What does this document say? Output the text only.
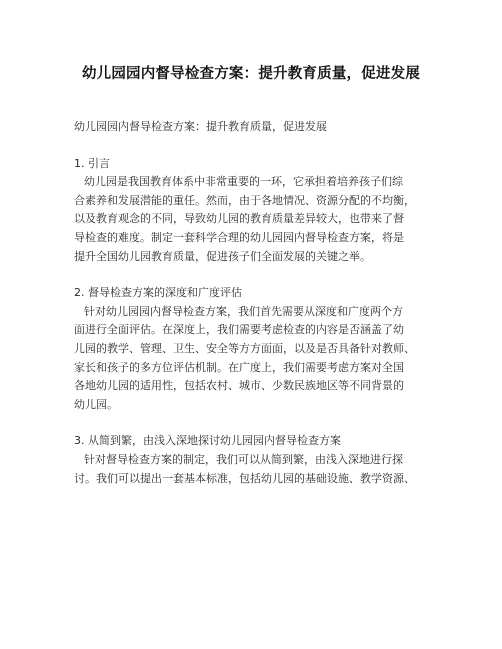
幼儿园园内督导检查方案：提升教育质量，促进发展
幼儿园园内督导检查方案：提升教育质量，促进发展
1. 引言
幼儿园是我国教育体系中非常重要的一环，它承担着培养孩子们综
合素养和发展潜能的重任。然而，由于各地情况、资源分配的不均衡，
以及教育观念的不同，导致幼儿园的教育质量差异较大，也带来了督
导检查的难度。制定一套科学合理的幼儿园园内督导检查方案，将是
提升全国幼儿园教育质量，促进孩子们全面发展的关键之举。
2. 督导检查方案的深度和广度评估
针对幼儿园园内督导检查方案，我们首先需要从深度和广度两个方
面进行全面评估。在深度上，我们需要考虑检查的内容是否涵盖了幼
儿园的教学、管理、卫生、安全等方方面面，以及是否具备针对教师、
家长和孩子的多方位评估机制。在广度上，我们需要考虑方案对全国
各地幼儿园的适用性，包括农村、城市、少数民族地区等不同背景的
幼儿园。
3. 从简到繁，由浅入深地探讨幼儿园园内督导检查方案
针对督导检查方案的制定，我们可以从简到繁，由浅入深地进行探
讨。我们可以提出一套基本标准，包括幼儿园的基础设施、教学资源、
